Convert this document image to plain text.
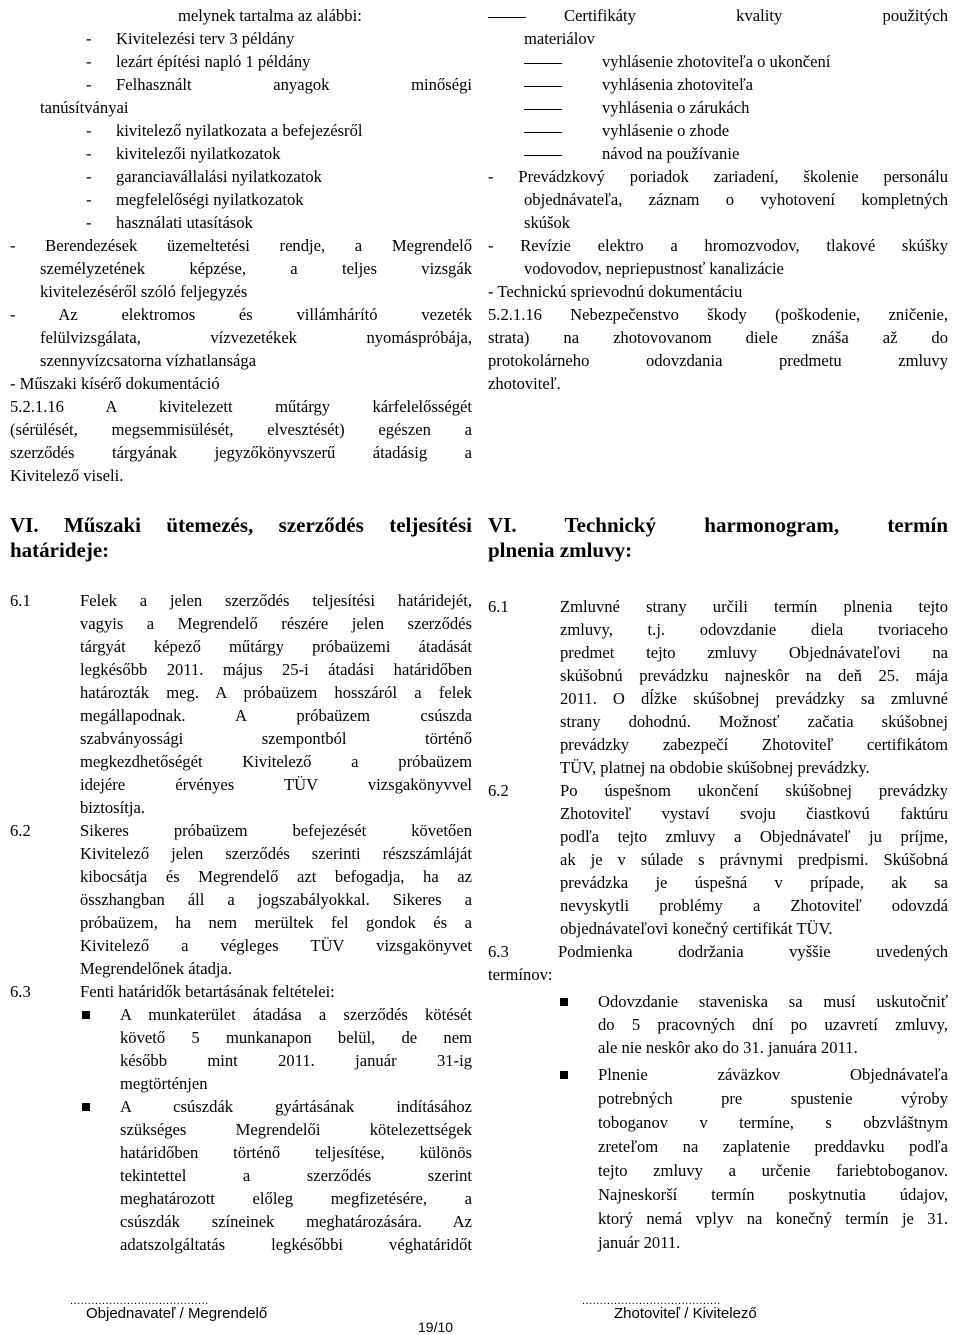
melynek tartalma az alábbi:
- Kivitelezési terv 3 példány
- lezárt építési napló 1 példány
- Felhasznált anyagok minőségi
tanúsítványai
- kivitelező nyilatkozata a befejezésről
- kivitelezői nyilatkozatok
- garanciavállalási nyilatkozatok
- megfelelőségi nyilatkozatok
- használati utasítások
- Berendezések üzemeltetési rendje, a Megrendelő
személyzetének képzése, a teljes vizsgák
kivitelezéséről szóló feljegyzés
- Az elektromos és villámhárító vezeték
felülvizsgálata, vízvezetékek nyomáspróbája,
szennyvízcsatorna vízhatlansága
- Műszaki kísérő dokumentáció
5.2.1.16 A kivitelezett műtárgy kárfelelősségét
(sérülését, megsemmisülését, elvesztését) egészen a
szerződés tárgyának jegyzőkönyvszerű átadásig a
Kivitelező viseli.
VI. Műszaki ütemezés, szerződés teljesítési
határideje:
6.1	Felek a jelen szerződés teljesítési határidejét,
vagyis a Megrendelő részére jelen szerződés
tárgyát képező műtárgy próbaüzemi átadását
legkésőbb 2011. május 25-i átadási határidőben
határozták meg. A próbaüzem hosszáról a felek
megállapodnak. A próbaüzem csúszda
szabványossági szempontból történő
megkezdhetőségét Kivitelező a próbaüzem
idejére érvényes TÜV vizsgakönyvvel
biztosítja.
6.2	Sikeres próbaüzem befejezését követően
Kivitelező jelen szerződés szerinti részszámláját
kibocsátja és Megrendelő azt befogadja, ha az
összhangban áll a jogszabályokkal. Sikeres a
próbaüzem, ha nem merültek fel gondok és a
Kivitelező a végleges TÜV vizsgakönyvet
Megrendelőnek átadja.
6.3	Fenti határidők betartásának feltételei:
A munkaterület átadása a szerződés kötését
követő 5 munkanapon belül, de nem
később mint 2011. január 31-ig
megtörténjen
A csúszdák gyártásának indításához
szükséges Megrendelői kötelezettségek
határidőben történő teljesítése, különös
tekintettel a szerződés szerint
meghatározott előleg megfizetésére, a
csúszdák színeinek meghatározására. Az
adatszolgáltatás legkésőbbi véghatáridőt
Certifikáty kvality použitých
materiálov
vyhlásenie zhotoviteľa o ukončení
vyhlásenia zhotoviteľa
vyhlásenia o zárukách
vyhlásenie o zhode
návod na používanie
- Prevádzkový poriadok zariadení, školenie personálu
objednávateľa, záznam o vyhotovení kompletných
skúšok
- Revízie elektro a hromozvodov, tlakové skúšky
vodovodov, nepriepustnosť kanalizácie
- Technickú sprievodnú dokumentáciu
5.2.1.16 Nebezpečenstvo škody (poškodenie, zničenie,
strata) na zhotovovanom diele znáša až do
protokolárneho odovzdania predmetu zmluvy
zhotoviteľ.
VI. Technický harmonogram, termín
plnenia zmluvy:
6.1	Zmluvné strany určili termín plnenia tejto
zmluvy, t.j. odovzdanie diela tvoriaceho
predmet tejto zmluvy Objednávateľovi na
skúšobnú prevádzku najneskôr na deň 25. mája
2011. O dĺžke skúšobnej prevádzky sa zmluvné
strany dohodnú. Možnosť začatia skúšobnej
prevádzky zabezpečí Zhotoviteľ certifikátom
TÜV, platnej na obdobie skúšobnej prevádzky.
6.2	Po úspešnom ukončení skúšobnej prevádzky
Zhotoviteľ vystaví svoju čiastkovú faktúru
podľa tejto zmluvy a Objednávateľ ju príjme,
ak je v súlade s právnymi predpismi. Skúšobná
prevádzka je úspešná v prípade, ak sa
nevyskytli problémy a Zhotoviteľ odovzdá
objednávateľovi konečný certifikát TÜV.
6.3	Podmienka dodržania vyššie uvedených
termínov:
Odovzdanie staveniska sa musí uskutočniť
do 5 pracovných dní po uzavretí zmluvy,
ale nie neskôr ako do 31. januára 2011.
Plnenie záväzkov Objednávateľa
potrebných pre spustenie výroby
toboganov v termíne, s obzvláštnym
zreteľom na zaplatenie preddavku podľa
tejto zmluvy a určenie fariebtoboganov.
Najneskorší termín poskytnutia údajov,
ktorý nemá vplyv na konečný termín je 31.
január 2011.
.......................................	.......................................
Objednavateľ / Megrendelő	Zhotoviteľ / Kivitelező
19/10
